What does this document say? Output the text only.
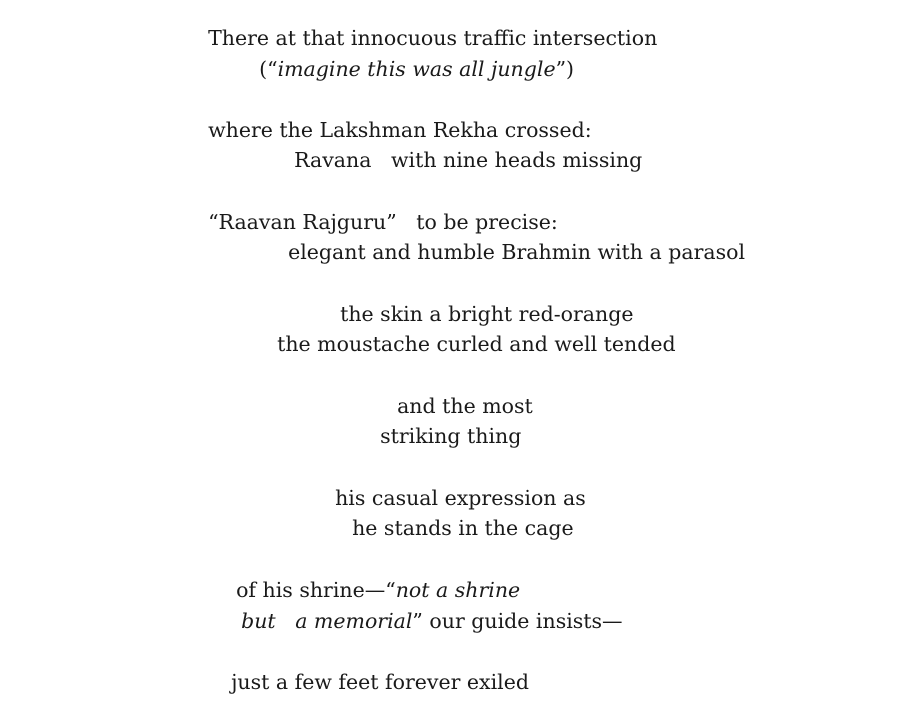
There at that innocuous traffic intersection

(“imagine this was all jungle”)

where the Lakshman Rekha crossed:

Ravana   with nine heads missing

“Raavan Rajguru”   to be precise:

elegant and humble Brahmin with a parasol

the skin a bright red-orange

the moustache curled and well tended

and the most

striking thing

his casual expression as

he stands in the cage

of his shrine—“not a shrine

but   a memorial” our guide insists—

just a few feet forever exiled
